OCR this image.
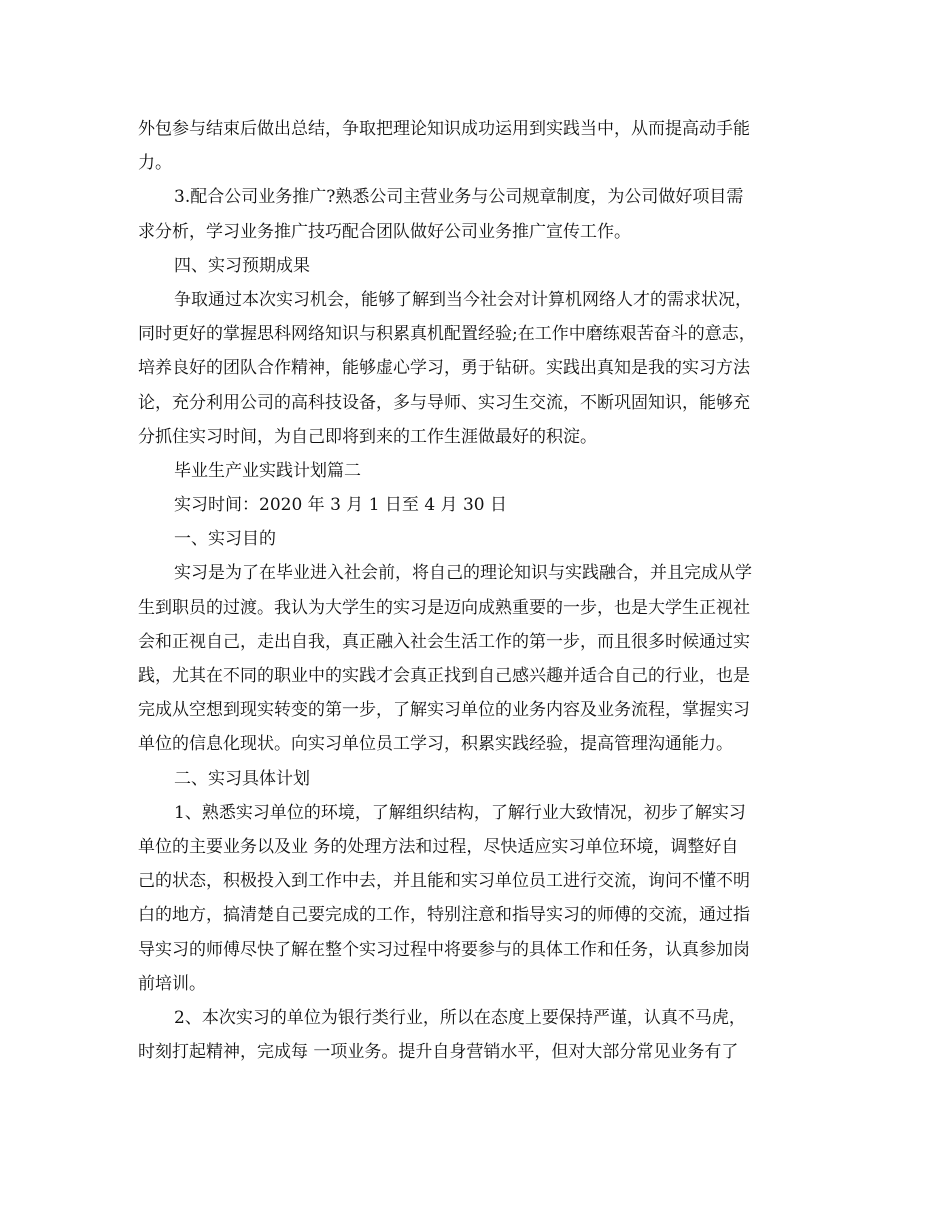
外包参与结束后做出总结，争取把理论知识成功运用到实践当中，从而提高动手能
力。
3.配合公司业务推广?熟悉公司主营业务与公司规章制度，为公司做好项目需
求分析，学习业务推广技巧配合团队做好公司业务推广宣传工作。
四、实习预期成果
争取通过本次实习机会，能够了解到当今社会对计算机网络人才的需求状况，
同时更好的掌握思科网络知识与积累真机配置经验;在工作中磨练艰苦奋斗的意志，
培养良好的团队合作精神，能够虚心学习，勇于钻研。实践出真知是我的实习方法
论，充分利用公司的高科技设备，多与导师、实习生交流，不断巩固知识，能够充
分抓住实习时间，为自己即将到来的工作生涯做最好的积淀。
毕业生产业实践计划篇二
实习时间：2020 年 3 月 1 日至 4 月 30 日
一、实习目的
实习是为了在毕业进入社会前，将自己的理论知识与实践融合，并且完成从学
生到职员的过渡。我认为大学生的实习是迈向成熟重要的一步，也是大学生正视社
会和正视自己，走出自我，真正融入社会生活工作的第一步，而且很多时候通过实
践，尤其在不同的职业中的实践才会真正找到自己感兴趣并适合自己的行业，也是
完成从空想到现实转变的第一步，了解实习单位的业务内容及业务流程，掌握实习
单位的信息化现状。向实习单位员工学习，积累实践经验，提高管理沟通能力。
二、实习具体计划
1、熟悉实习单位的环境，了解组织结构，了解行业大致情况，初步了解实习
单位的主要业务以及业 务的处理方法和过程，尽快适应实习单位环境，调整好自
己的状态，积极投入到工作中去，并且能和实习单位员工进行交流，询问不懂不明
白的地方，搞清楚自己要完成的工作，特别注意和指导实习的师傅的交流，通过指
导实习的师傅尽快了解在整个实习过程中将要参与的具体工作和任务，认真参加岗
前培训。
2、本次实习的单位为银行类行业，所以在态度上要保持严谨，认真不马虎，
时刻打起精神，完成每 一项业务。提升自身营销水平，但对大部分常见业务有了
